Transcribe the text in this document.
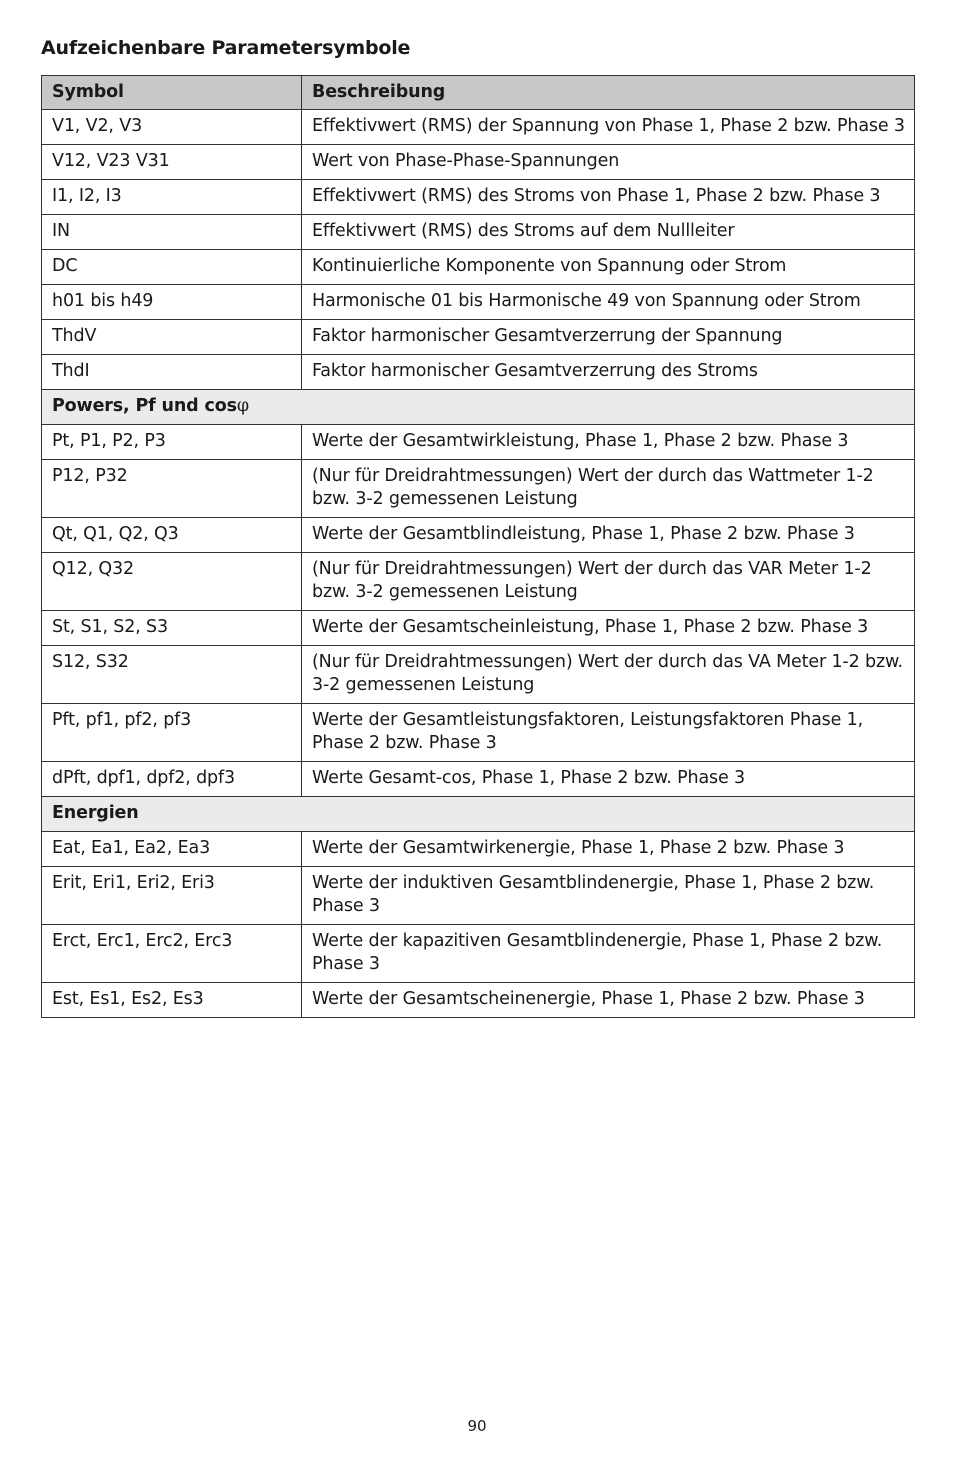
Aufzeichenbare Parametersymbole
Symbol	Beschreibung
V1, V2, V3	Effektivwert (RMS) der Spannung von Phase 1, Phase 2 bzw. Phase 3
V12, V23 V31	Wert von Phase-Phase-Spannungen
I1, I2, I3	Effektivwert (RMS) des Stroms von Phase 1, Phase 2 bzw. Phase 3
IN	Effektivwert (RMS) des Stroms auf dem Nullleiter
DC	Kontinuierliche Komponente von Spannung oder Strom
h01 bis h49	Harmonische 01 bis Harmonische 49 von Spannung oder Strom
ThdV	Faktor harmonischer Gesamtverzerrung der Spannung
ThdI	Faktor harmonischer Gesamtverzerrung des Stroms
Powers, Pf und cosφ	
Pt, P1, P2, P3	Werte der Gesamtwirkleistung, Phase 1, Phase 2 bzw. Phase 3
P12, P32	(Nur für Dreidrahtmessungen) Wert der durch das Wattmeter 1-2 bzw. 3-2 gemessenen Leistung
Qt, Q1, Q2, Q3	Werte der Gesamtblindleistung, Phase 1, Phase 2 bzw. Phase 3
Q12, Q32	(Nur für Dreidrahtmessungen) Wert der durch das VAR Meter 1-2 bzw. 3-2 gemessenen Leistung
St, S1, S2, S3	Werte der Gesamtscheinleistung, Phase 1, Phase 2 bzw. Phase 3
S12, S32	(Nur für Dreidrahtmessungen) Wert der durch das VA Meter 1-2 bzw. 3-2 gemessenen Leistung
Pft, pf1, pf2, pf3	Werte der Gesamtleistungsfaktoren, Leistungsfaktoren Phase 1, Phase 2 bzw. Phase 3
dPft, dpf1, dpf2, dpf3	Werte Gesamt-cos, Phase 1, Phase 2 bzw. Phase 3
Energien	
Eat, Ea1, Ea2, Ea3	Werte der Gesamtwirkenergie, Phase 1, Phase 2 bzw. Phase 3
Erit, Eri1, Eri2, Eri3	Werte der induktiven Gesamtblindenergie, Phase 1, Phase 2 bzw. Phase 3
Erct, Erc1, Erc2, Erc3	Werte der kapazitiven Gesamtblindenergie, Phase 1, Phase 2 bzw. Phase 3
Est, Es1, Es2, Es3	Werte der Gesamtscheinenergie, Phase 1, Phase 2 bzw. Phase 3
90
